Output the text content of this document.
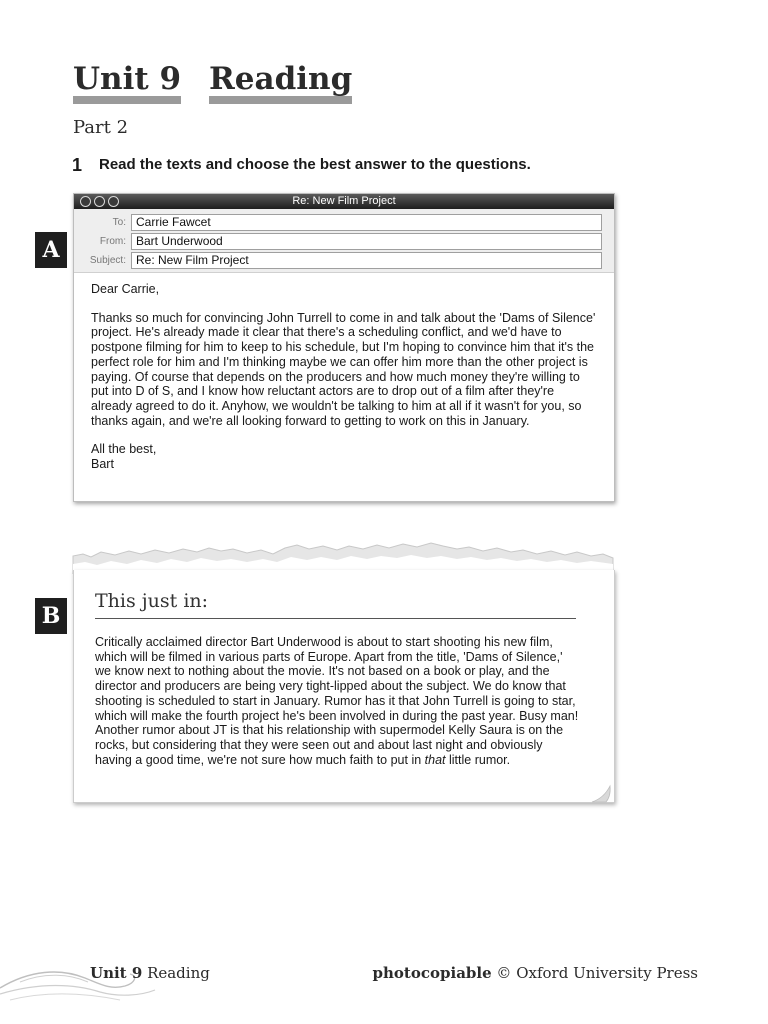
Unit 9 Reading
Part 2
1 Read the texts and choose the best answer to the questions.
A
Re: New Film Project
To: Carrie Fawcet
From: Bart Underwood
Subject: Re: New Film Project

Dear Carrie,

Thanks so much for convincing John Turrell to come in and talk about the 'Dams of Silence' project. He's already made it clear that there's a scheduling conflict, and we'd have to postpone filming for him to keep to his schedule, but I'm hoping to convince him that it's the perfect role for him and I'm thinking maybe we can offer him more than the other project is paying. Of course that depends on the producers and how much money they're willing to put into D of S, and I know how reluctant actors are to drop out of a film after they're already agreed to do it. Anyhow, we wouldn't be talking to him at all if it wasn't for you, so thanks again, and we're all looking forward to getting to work on this in January.

All the best,
Bart

B
This just in:
Critically acclaimed director Bart Underwood is about to start shooting his new film, which will be filmed in various parts of Europe. Apart from the title, 'Dams of Silence,' we know next to nothing about the movie. It's not based on a book or play, and the director and producers are being very tight-lipped about the subject. We do know that shooting is scheduled to start in January. Rumor has it that John Turrell is going to star, which will make the fourth project he's been involved in during the past year. Busy man! Another rumor about JT is that his relationship with supermodel Kelly Saura is on the rocks, but considering that they were seen out and about last night and obviously having a good time, we're not sure how much faith to put in that little rumor.
Unit 9 Reading	photocopiable © Oxford University Press
